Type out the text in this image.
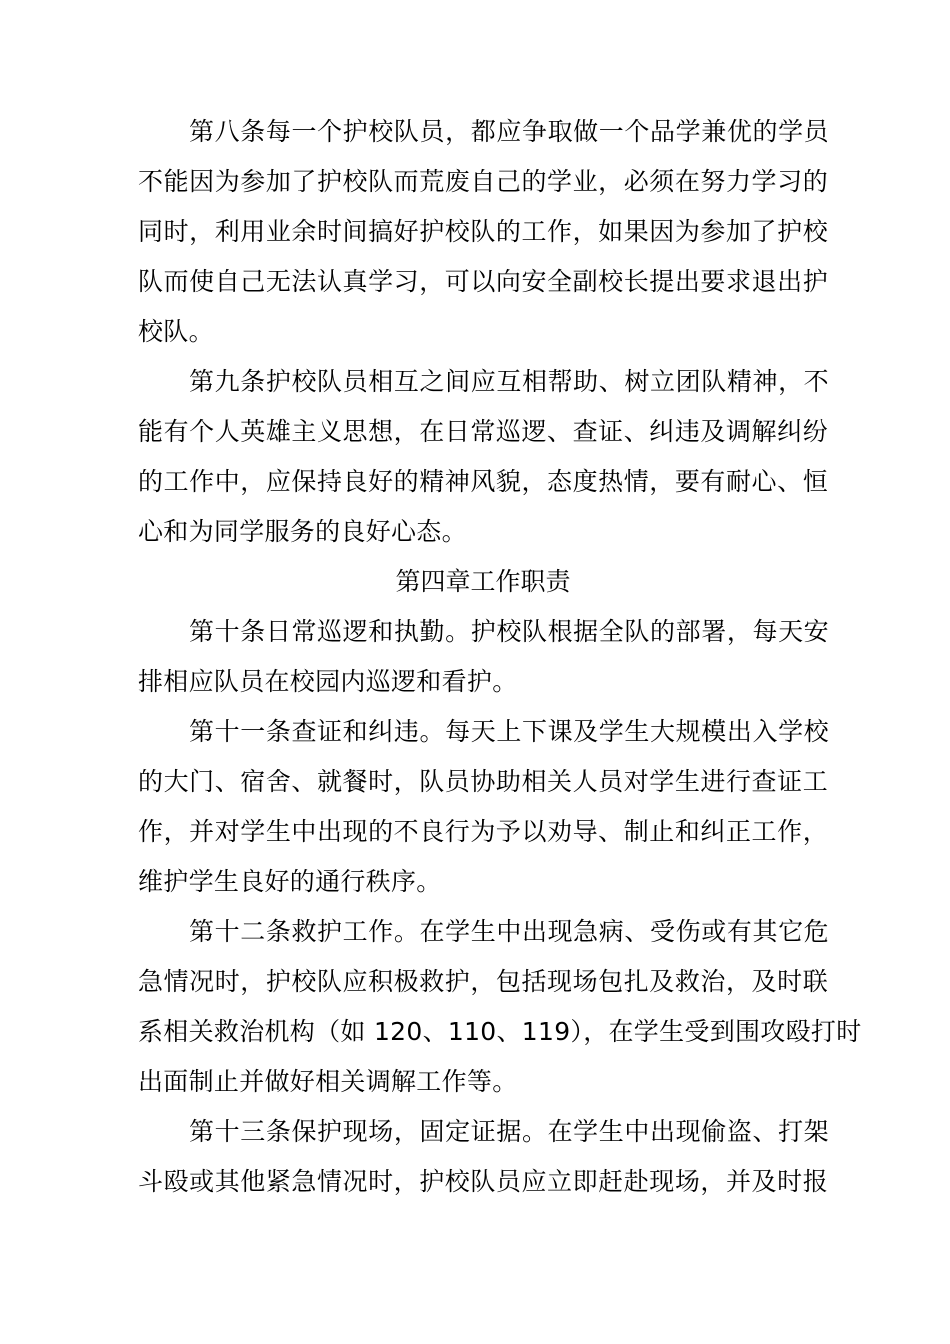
第八条每一个护校队员，都应争取做一个品学兼优的学员
不能因为参加了护校队而荒废自己的学业，必须在努力学习的
同时，利用业余时间搞好护校队的工作，如果因为参加了护校
队而使自己无法认真学习，可以向安全副校长提出要求退出护
校队。
第九条护校队员相互之间应互相帮助、树立团队精神，不
能有个人英雄主义思想，在日常巡逻、查证、纠违及调解纠纷
的工作中，应保持良好的精神风貌，态度热情，要有耐心、恒
心和为同学服务的良好心态。
第四章工作职责
第十条日常巡逻和执勤。护校队根据全队的部署，每天安
排相应队员在校园内巡逻和看护。
第十一条查证和纠违。每天上下课及学生大规模出入学校
的大门、宿舍、就餐时，队员协助相关人员对学生进行查证工
作，并对学生中出现的不良行为予以劝导、制止和纠正工作，
维护学生良好的通行秩序。
第十二条救护工作。在学生中出现急病、受伤或有其它危
急情况时，护校队应积极救护，包括现场包扎及救治，及时联
系相关救治机构（如 120、110、119），在学生受到围攻殴打时
出面制止并做好相关调解工作等。
第十三条保护现场，固定证据。在学生中出现偷盗、打架
斗殴或其他紧急情况时，护校队员应立即赶赴现场，并及时报
